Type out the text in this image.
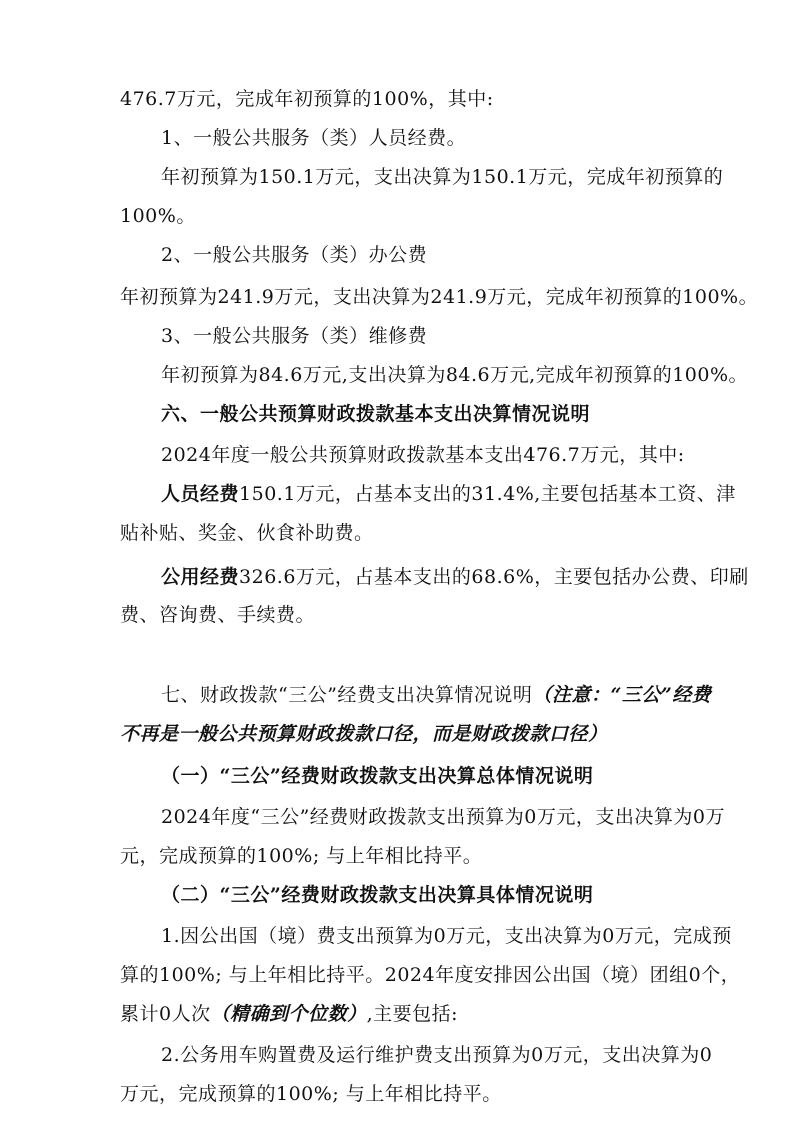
476.7万元，完成年初预算的100%，其中:

1、一般公共服务（类）人员经费。

年初预算为150.1万元，支出决算为150.1万元，完成年初预算的

100%。

2、一般公共服务（类）办公费

年初预算为241.9万元，支出决算为241.9万元，完成年初预算的100%。

3、一般公共服务（类）维修费

年初预算为84.6万元,支出决算为84.6万元,完成年初预算的100%。

六、一般公共预算财政拨款基本支出决算情况说明

2024年度一般公共预算财政拨款基本支出476.7万元，其中:

人员经费150.1万元，占基本支出的31.4%,主要包括基本工资、津

贴补贴、奖金、伙食补助费。

公用经费326.6万元，占基本支出的68.6%，主要包括办公费、印刷

费、咨询费、手续费。

七、财政拨款“三公”经费支出决算情况说明（注意：“三公”经费

不再是一般公共预算财政拨款口径，而是财政拨款口径）

（一）“三公”经费财政拨款支出决算总体情况说明

2024年度“三公”经费财政拨款支出预算为0万元，支出决算为0万

元，完成预算的100%; 与上年相比持平。

（二）“三公”经费财政拨款支出决算具体情况说明

1.因公出国（境）费支出预算为0万元，支出决算为0万元，完成预

算的100%; 与上年相比持平。2024年度安排因公出国（境）团组0个，

累计0人次（精确到个位数）,主要包括:

2.公务用车购置费及运行维护费支出预算为0万元，支出决算为0

万元，完成预算的100%; 与上年相比持平。
